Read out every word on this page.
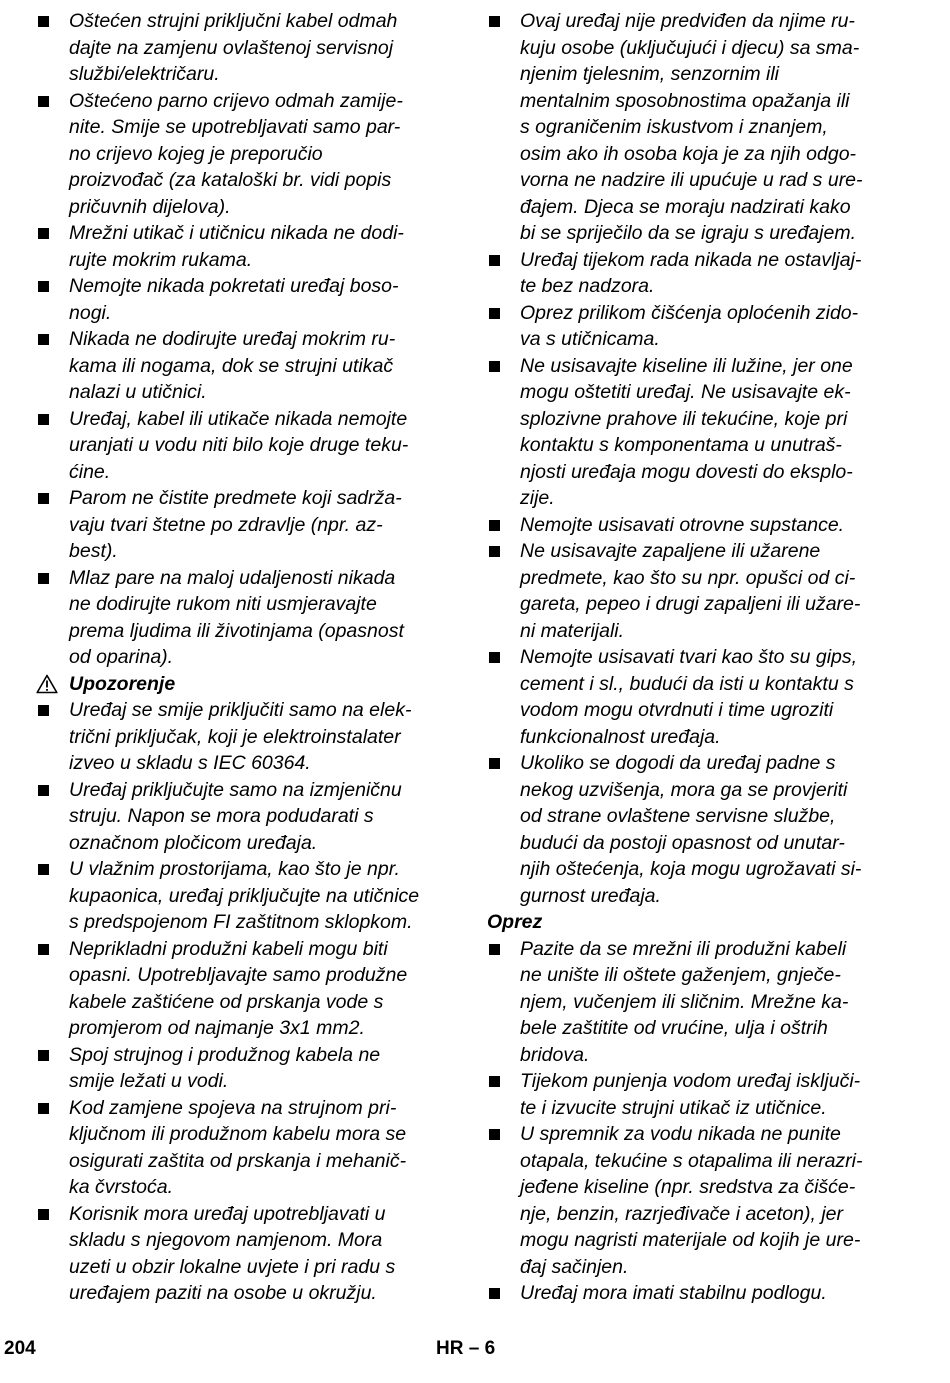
Oštećen strujni priključni kabel odmah
dajte na zamjenu ovlaštenoj servisnoj
službi/električaru.
Oštećeno parno crijevo odmah zamije-
nite. Smije se upotrebljavati samo par-
no crijevo kojeg je preporučio
proizvođač (za kataloški br. vidi popis
pričuvnih dijelova).
Mrežni utikač i utičnicu nikada ne dodi-
rujte mokrim rukama.
Nemojte nikada pokretati uređaj boso-
nogi.
Nikada ne dodirujte uređaj mokrim ru-
kama ili nogama, dok se strujni utikač
nalazi u utičnici.
Uređaj, kabel ili utikače nikada nemojte
uranjati u vodu niti bilo koje druge teku-
ćine.
Parom ne čistite predmete koji sadrža-
vaju tvari štetne po zdravlje (npr. az-
best).
Mlaz pare na maloj udaljenosti nikada
ne dodirujte rukom niti usmjeravajte
prema ljudima ili životinjama (opasnost
od oparina).
Upozorenje
Uređaj se smije priključiti samo na elek-
trični priključak, koji je elektroinstalater
izveo u skladu s IEC 60364.
Uređaj priključujte samo na izmjeničnu
struju. Napon se mora podudarati s
označnom pločicom uređaja.
U vlažnim prostorijama, kao što je npr.
kupaonica, uređaj priključujte na utičnice
s predspojenom FI zaštitnom sklopkom.
Neprikladni produžni kabeli mogu biti
opasni. Upotrebljavajte samo produžne
kabele zaštićene od prskanja vode s
promjerom od najmanje 3x1 mm2.
Spoj strujnog i produžnog kabela ne
smije ležati u vodi.
Kod zamjene spojeva na strujnom pri-
ključnom ili produžnom kabelu mora se
osigurati zaštita od prskanja i mehanič-
ka čvrstoća.
Korisnik mora uređaj upotrebljavati u
skladu s njegovom namjenom. Mora
uzeti u obzir lokalne uvjete i pri radu s
uređajem paziti na osobe u okružju.
Ovaj uređaj nije predviđen da njime ru-
kuju osobe (uključujući i djecu) sa sma-
njenim tjelesnim, senzornim ili
mentalnim sposobnostima opažanja ili
s ograničenim iskustvom i znanjem,
osim ako ih osoba koja je za njih odgo-
vorna ne nadzire ili upućuje u rad s ure-
đajem. Djeca se moraju nadzirati kako
bi se spriječilo da se igraju s uređajem.
Uređaj tijekom rada nikada ne ostavljaj-
te bez nadzora.
Oprez prilikom čišćenja oploćenih zido-
va s utičnicama.
Ne usisavajte kiseline ili lužine, jer one
mogu oštetiti uređaj. Ne usisavajte ek-
splozivne prahove ili tekućine, koje pri
kontaktu s komponentama u unutraš-
njosti uređaja mogu dovesti do eksplo-
zije.
Nemojte usisavati otrovne supstance.
Ne usisavajte zapaljene ili užarene
predmete, kao što su npr. opušci od ci-
gareta, pepeo i drugi zapaljeni ili užare-
ni materijali.
Nemojte usisavati tvari kao što su gips,
cement i sl., budući da isti u kontaktu s
vodom mogu otvrdnuti i time ugroziti
funkcionalnost uređaja.
Ukoliko se dogodi da uređaj padne s
nekog uzvišenja, mora ga se provjeriti
od strane ovlaštene servisne službe,
budući da postoji opasnost od unutar-
njih oštećenja, koja mogu ugrožavati si-
gurnost uređaja.
Oprez
Pazite da se mrežni ili produžni kabeli
ne unište ili oštete gaženjem, gnječe-
njem, vučenjem ili sličnim. Mrežne ka-
bele zaštitite od vrućine, ulja i oštrih
bridova.
Tijekom punjenja vodom uređaj isključi-
te i izvucite strujni utikač iz utičnice.
U spremnik za vodu nikada ne punite
otapala, tekućine s otapalima ili nerazri-
jeđene kiseline (npr. sredstva za čišće-
nje, benzin, razrjeđivače i aceton), jer
mogu nagristi materijale od kojih je ure-
đaj sačinjen.
Uređaj mora imati stabilnu podlogu.
204	HR – 6
